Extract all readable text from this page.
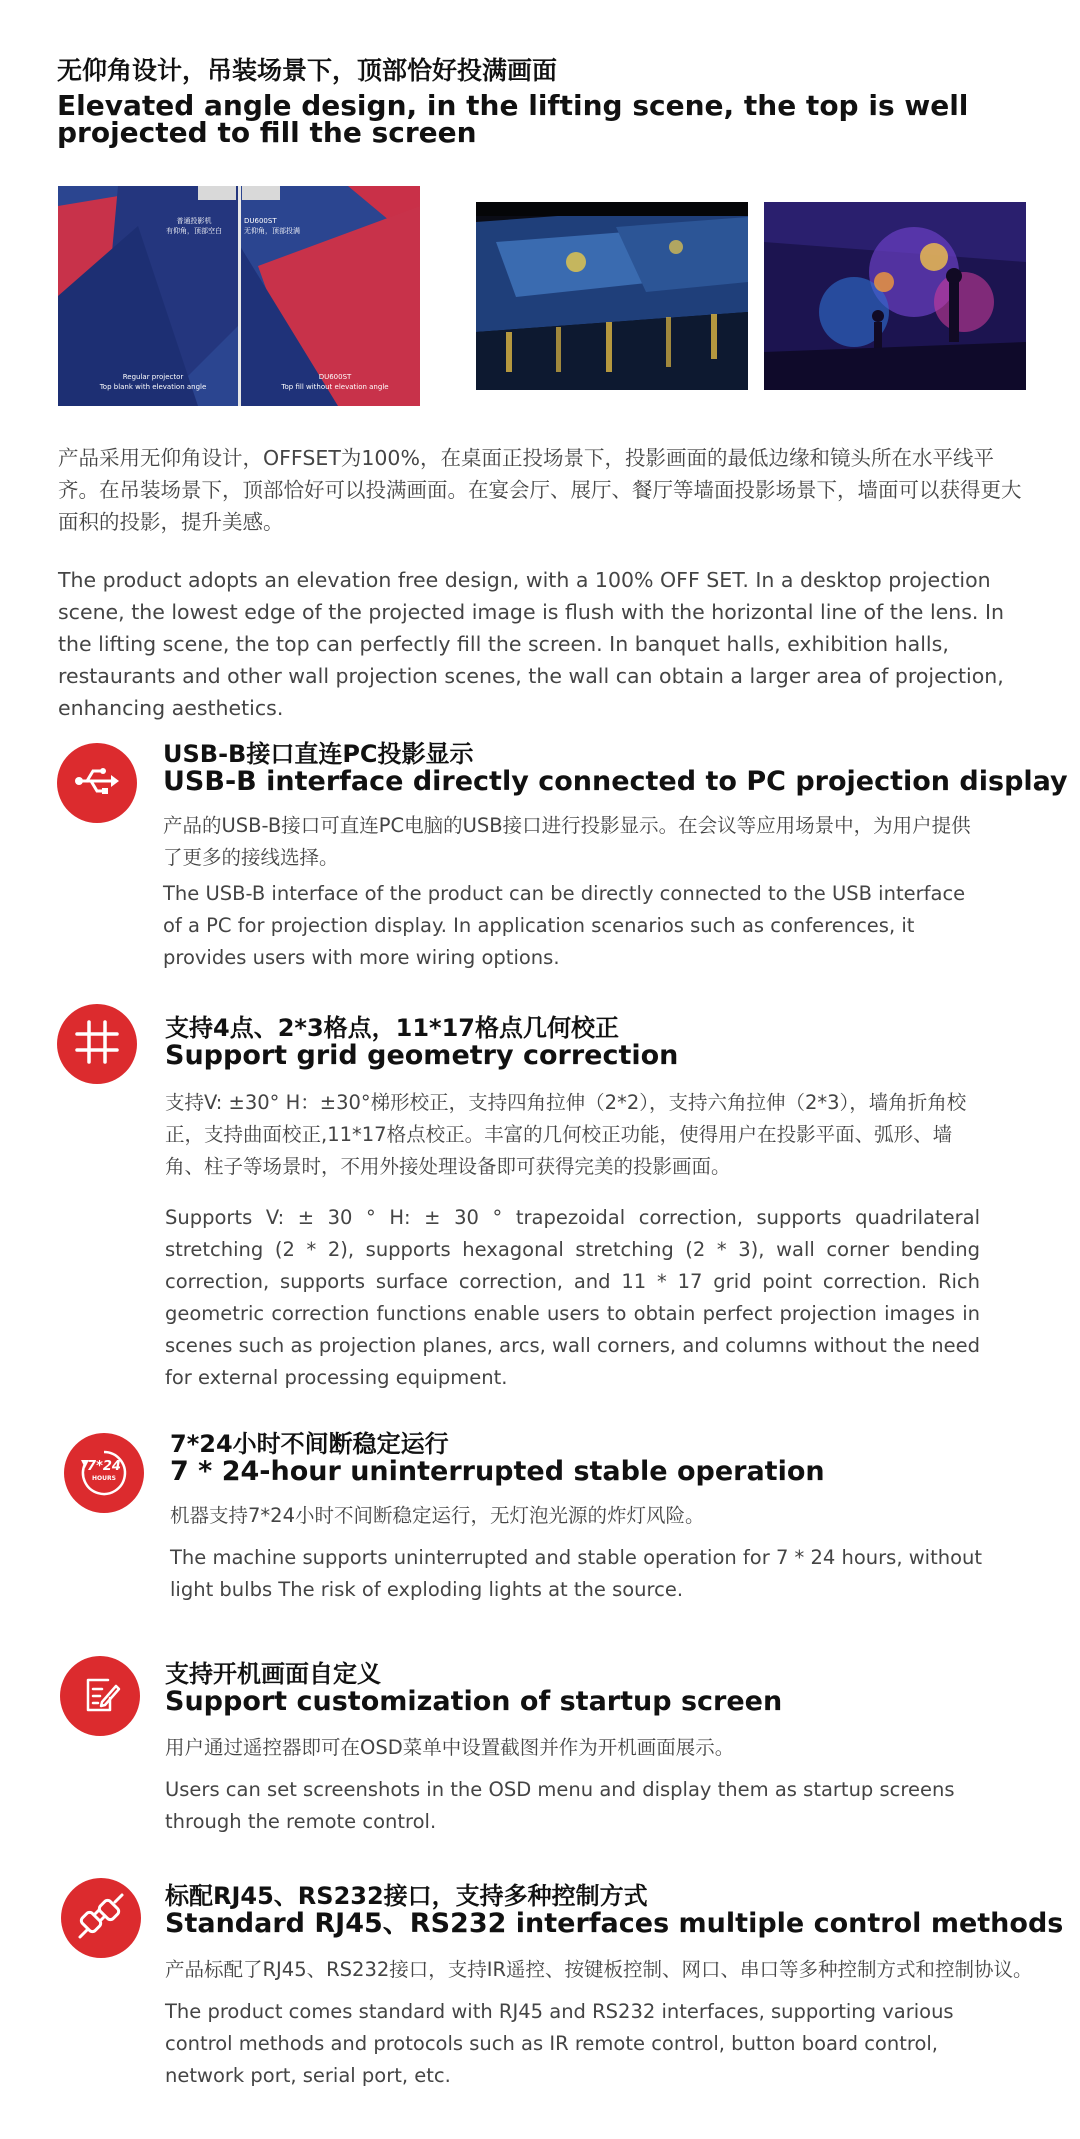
无仰角设计，吊装场景下，顶部恰好投满画面
Elevated angle design, in the lifting scene, the top is well projected to fill the screen
普通投影机
有仰角，顶部空白
DU600ST
无仰角，顶部投满
Regular projector
Top blank with elevation angle
DU600ST
Top fill without elevation angle
产品采用无仰角设计，OFFSET为100%，在桌面正投场景下，投影画面的最低边缘和镜头所在水平线平齐。在吊装场景下，顶部恰好可以投满画面。在宴会厅、展厅、餐厅等墙面投影场景下，墙面可以获得更大面积的投影，提升美感。
The product adopts an elevation free design, with a 100% OFF SET. In a desktop projection scene, the lowest edge of the projected image is flush with the horizontal line of the lens. In the lifting scene, the top can perfectly fill the screen. In banquet halls, exhibition halls, restaurants and other wall projection scenes, the wall can obtain a larger area of projection, enhancing aesthetics.
USB-B接口直连PC投影显示
USB-B interface directly connected to PC projection display
产品的USB-B接口可直连PC电脑的USB接口进行投影显示。在会议等应用场景中，为用户提供了更多的接线选择。
The USB-B interface of the product can be directly connected to the USB interface of a PC for projection display. In application scenarios such as conferences, it provides users with more wiring options.
支持4点、2*3格点，11*17格点几何校正
Support grid geometry correction
支持V: ±30° H：±30°梯形校正，支持四角拉伸（2*2），支持六角拉伸（2*3），墙角折角校正，支持曲面校正,11*17格点校正。丰富的几何校正功能，使得用户在投影平面、弧形、墙角、柱子等场景时，不用外接处理设备即可获得完美的投影画面。
Supports V: ± 30 ° H: ± 30 ° trapezoidal correction, supports quadrilateral stretching (2 * 2), supports hexagonal stretching (2 * 3), wall corner bending correction, supports surface correction, and 11 * 17 grid point correction. Rich geometric correction functions enable users to obtain perfect projection images in scenes such as projection planes, arcs, wall corners, and columns without the need for external processing equipment.
7*24
HOURS
7*24小时不间断稳定运行
7 * 24-hour uninterrupted stable operation
机器支持7*24小时不间断稳定运行，无灯泡光源的炸灯风险。
The machine supports uninterrupted and stable operation for 7 * 24 hours, without light bulbs The risk of exploding lights at the source.
支持开机画面自定义
Support customization of startup screen
用户通过遥控器即可在OSD菜单中设置截图并作为开机画面展示。
Users can set screenshots in the OSD menu and display them as startup screens through the remote control.
标配RJ45、RS232接口，支持多种控制方式
Standard RJ45、RS232 interfaces multiple control methods
产品标配了RJ45、RS232接口，支持IR遥控、按键板控制、网口、串口等多种控制方式和控制协议。
The product comes standard with RJ45 and RS232 interfaces, supporting various control methods and protocols such as IR remote control, button board control, network port, serial port, etc.
